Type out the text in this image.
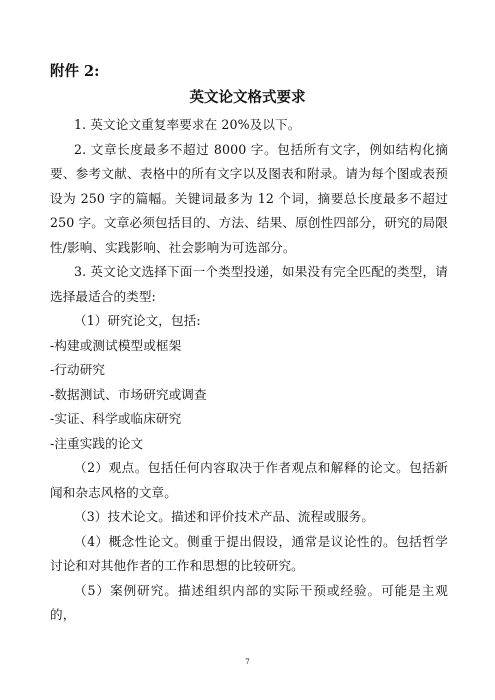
附件 2:
英文论文格式要求

1. 英文论文重复率要求在 20%及以下。

2. 文章长度最多不超过 8000 字。包括所有文字，例如结构化摘要、参考文献、表格中的所有文字以及图表和附录。请为每个图或表预设为 250 字的篇幅。关键词最多为 12 个词，摘要总长度最多不超过 250 字。文章必须包括目的、方法、结果、原创性四部分，研究的局限性/影响、实践影响、社会影响为可选部分。

3. 英文论文选择下面一个类型投递，如果没有完全匹配的类型，请选择最适合的类型:

（1）研究论文，包括:

-构建或测试模型或框架

-行动研究

-数据测试、市场研究或调查

-实证、科学或临床研究

-注重实践的论文

（2）观点。包括任何内容取决于作者观点和解释的论文。包括新闻和杂志风格的文章。

（3）技术论文。描述和评价技术产品、流程或服务。

（4）概念性论文。侧重于提出假设，通常是议论性的。包括哲学讨论和对其他作者的工作和思想的比较研究。

（5）案例研究。描述组织内部的实际干预或经验。可能是主观的，

7
